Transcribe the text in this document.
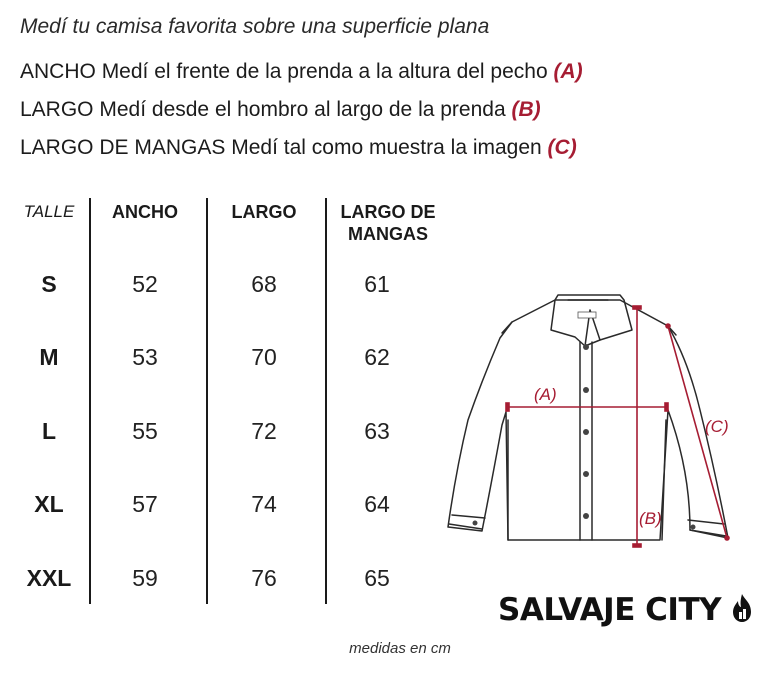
Medí tu camisa favorita sobre una superficie plana
ANCHO Medí el frente de la prenda a la altura del pecho (A)
LARGO Medí desde el hombro al largo de la prenda (B)
LARGO DE MANGAS Medí tal como muestra la imagen (C)
TALLE	ANCHO	LARGO	LARGO DE
MANGAS
S	52	68	61
M	53	70	62
L	55	72	63
XL	57	74	64
XXL	59	76	65
(A)
(B)
(C)
SALVAJE CITY
medidas en cm
